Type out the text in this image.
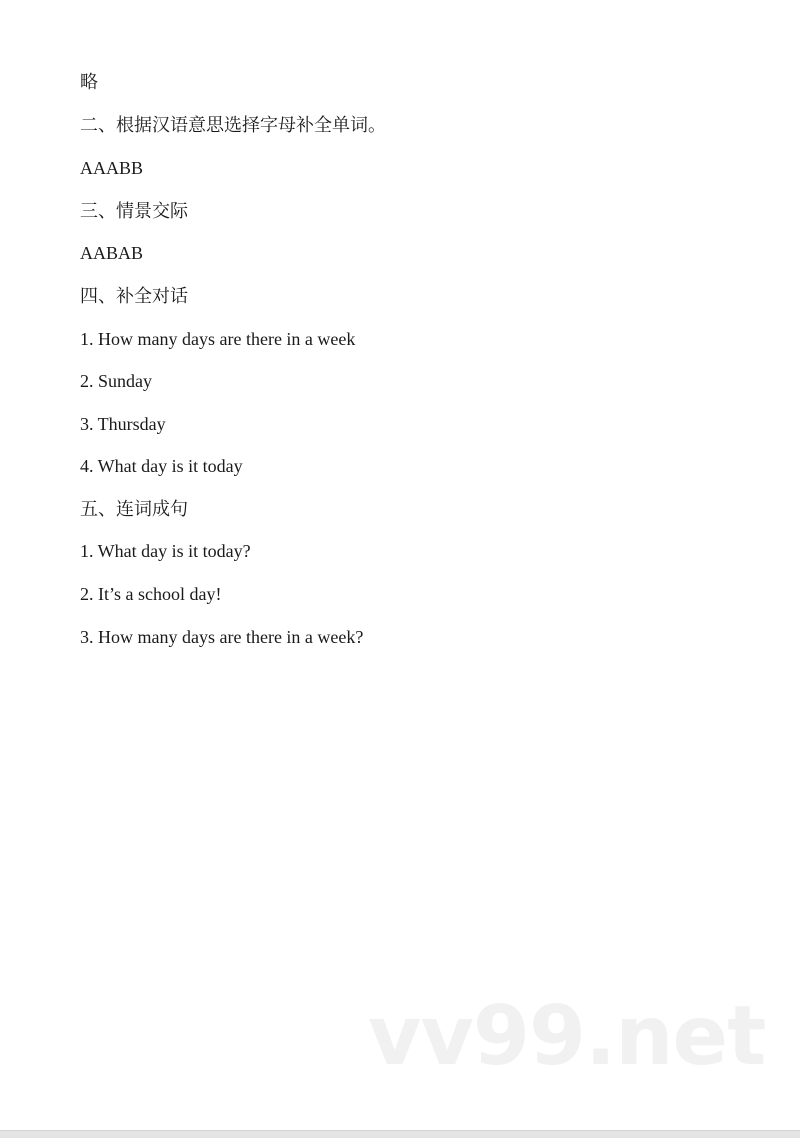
略
二、根据汉语意思选择字母补全单词。
AAABB
三、情景交际
AABAB
四、补全对话
1. How many days are there in a week
2. Sunday
3. Thursday
4. What day is it today
五、连词成句
1. What day is it today?
2. It’s a school day!
3. How many days are there in a week?
vv99.net
